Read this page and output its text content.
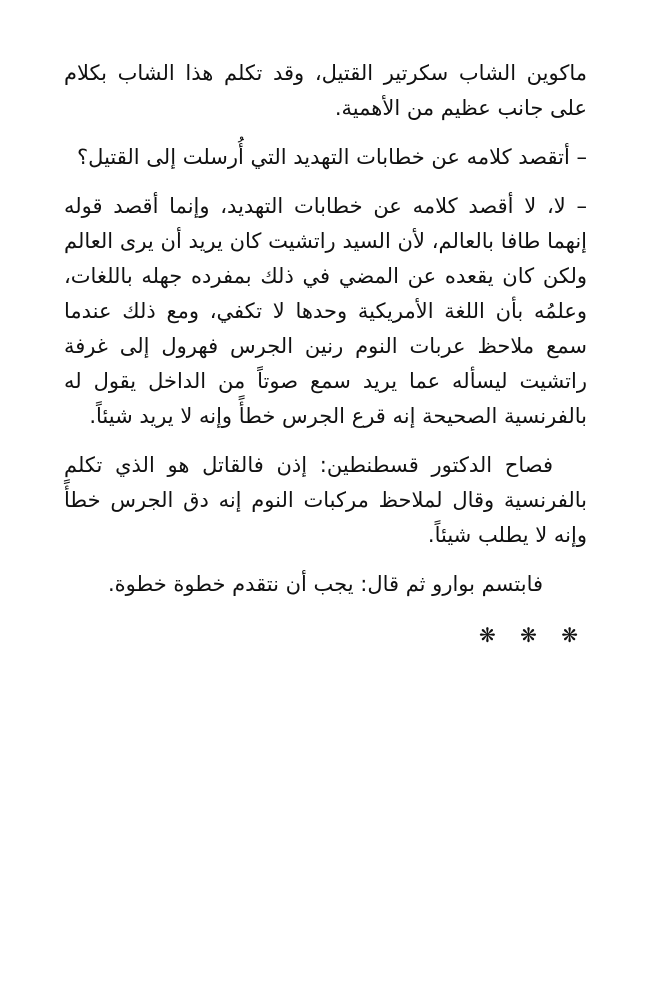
ماكوين الشاب سكرتير القتيل، وقد تكلم هذا الشاب بكلام على جانب عظيم من الأهمية.

– أتقصد كلامه عن خطابات التهديد التي أُرسلت إلى القتيل؟

– لا، لا أقصد كلامه عن خطابات التهديد، وإنما أقصد قوله إنهما طافا بالعالم، لأن السيد راتشيت كان يريد أن يرى العالم ولكن كان يقعده عن المضي في ذلك بمفرده جهله باللغات، وعلمُه بأن اللغة الأمريكية وحدها لا تكفي، ومع ذلك عندما سمع ملاحظ عربات النوم رنين الجرس فهرول إلى غرفة راتشيت ليسأله عما يريد سمع صوتاً من الداخل يقول له بالفرنسية الصحيحة إنه قرع الجرس خطأً وإنه لا يريد شيئاً.

فصاح الدكتور قسطنطين: إذن فالقاتل هو الذي تكلم بالفرنسية وقال لملاحظ مركبات النوم إنه دق الجرس خطأً وإنه لا يطلب شيئاً.

فابتسم بوارو ثم قال: يجب أن نتقدم خطوة خطوة.

❋ ❋ ❋
